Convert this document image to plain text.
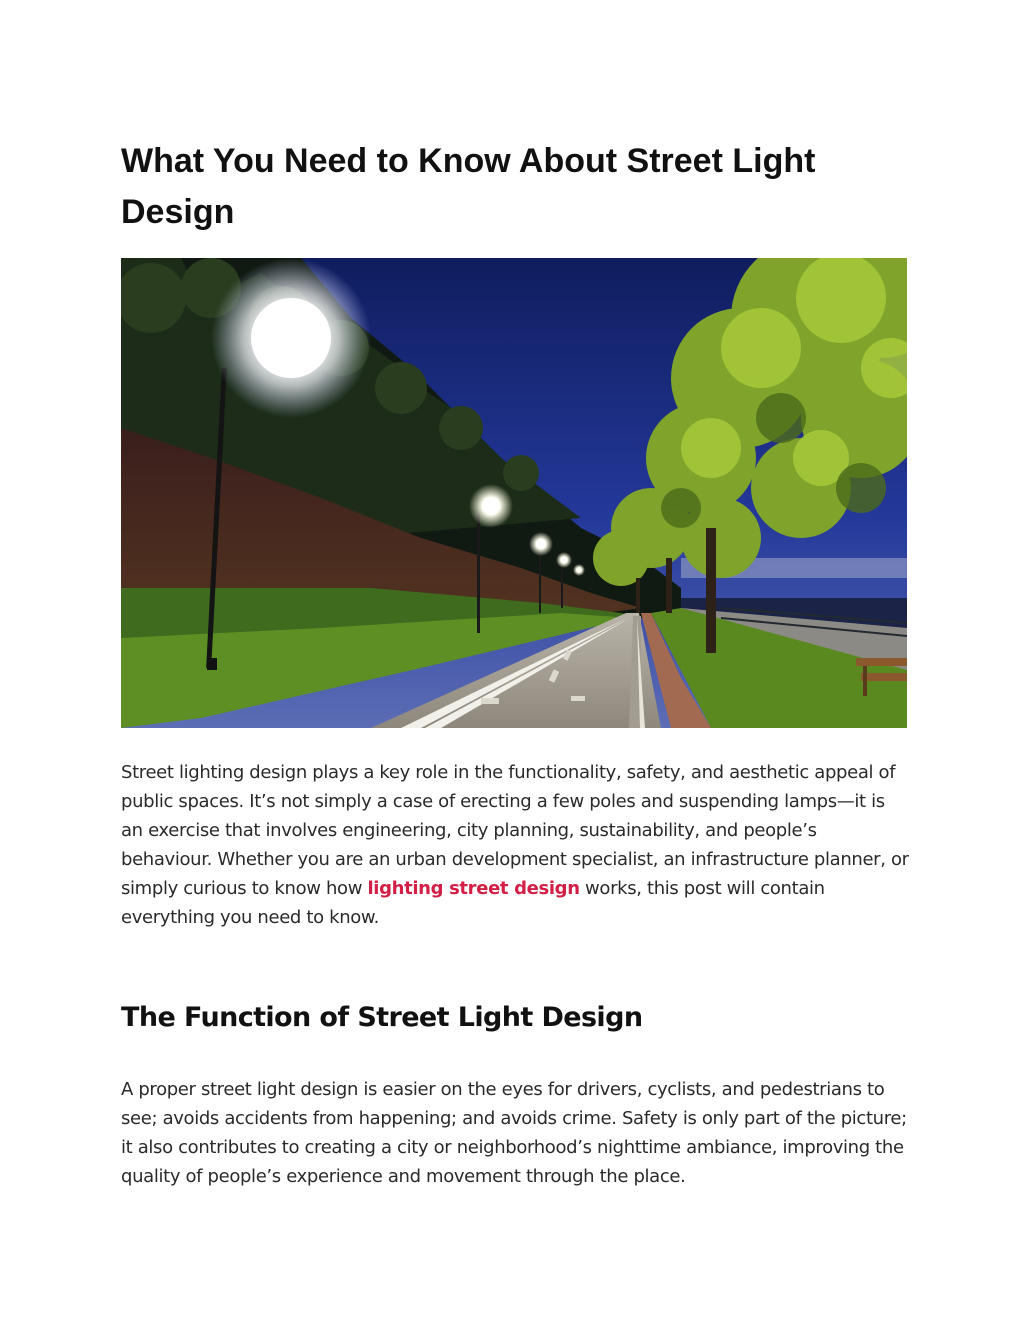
What You Need to Know About Street Light Design

Street lighting design plays a key role in the functionality, safety, and aesthetic appeal of public spaces. It’s not simply a case of erecting a few poles and suspending lamps—it is an exercise that involves engineering, city planning, sustainability, and people’s behaviour. Whether you are an urban development specialist, an infrastructure planner, or simply curious to know how lighting street design works, this post will contain everything you need to know.

The Function of Street Light Design

A proper street light design is easier on the eyes for drivers, cyclists, and pedestrians to see; avoids accidents from happening; and avoids crime. Safety is only part of the picture; it also contributes to creating a city or neighborhood’s nighttime ambiance, improving the quality of people’s experience and movement through the place.
